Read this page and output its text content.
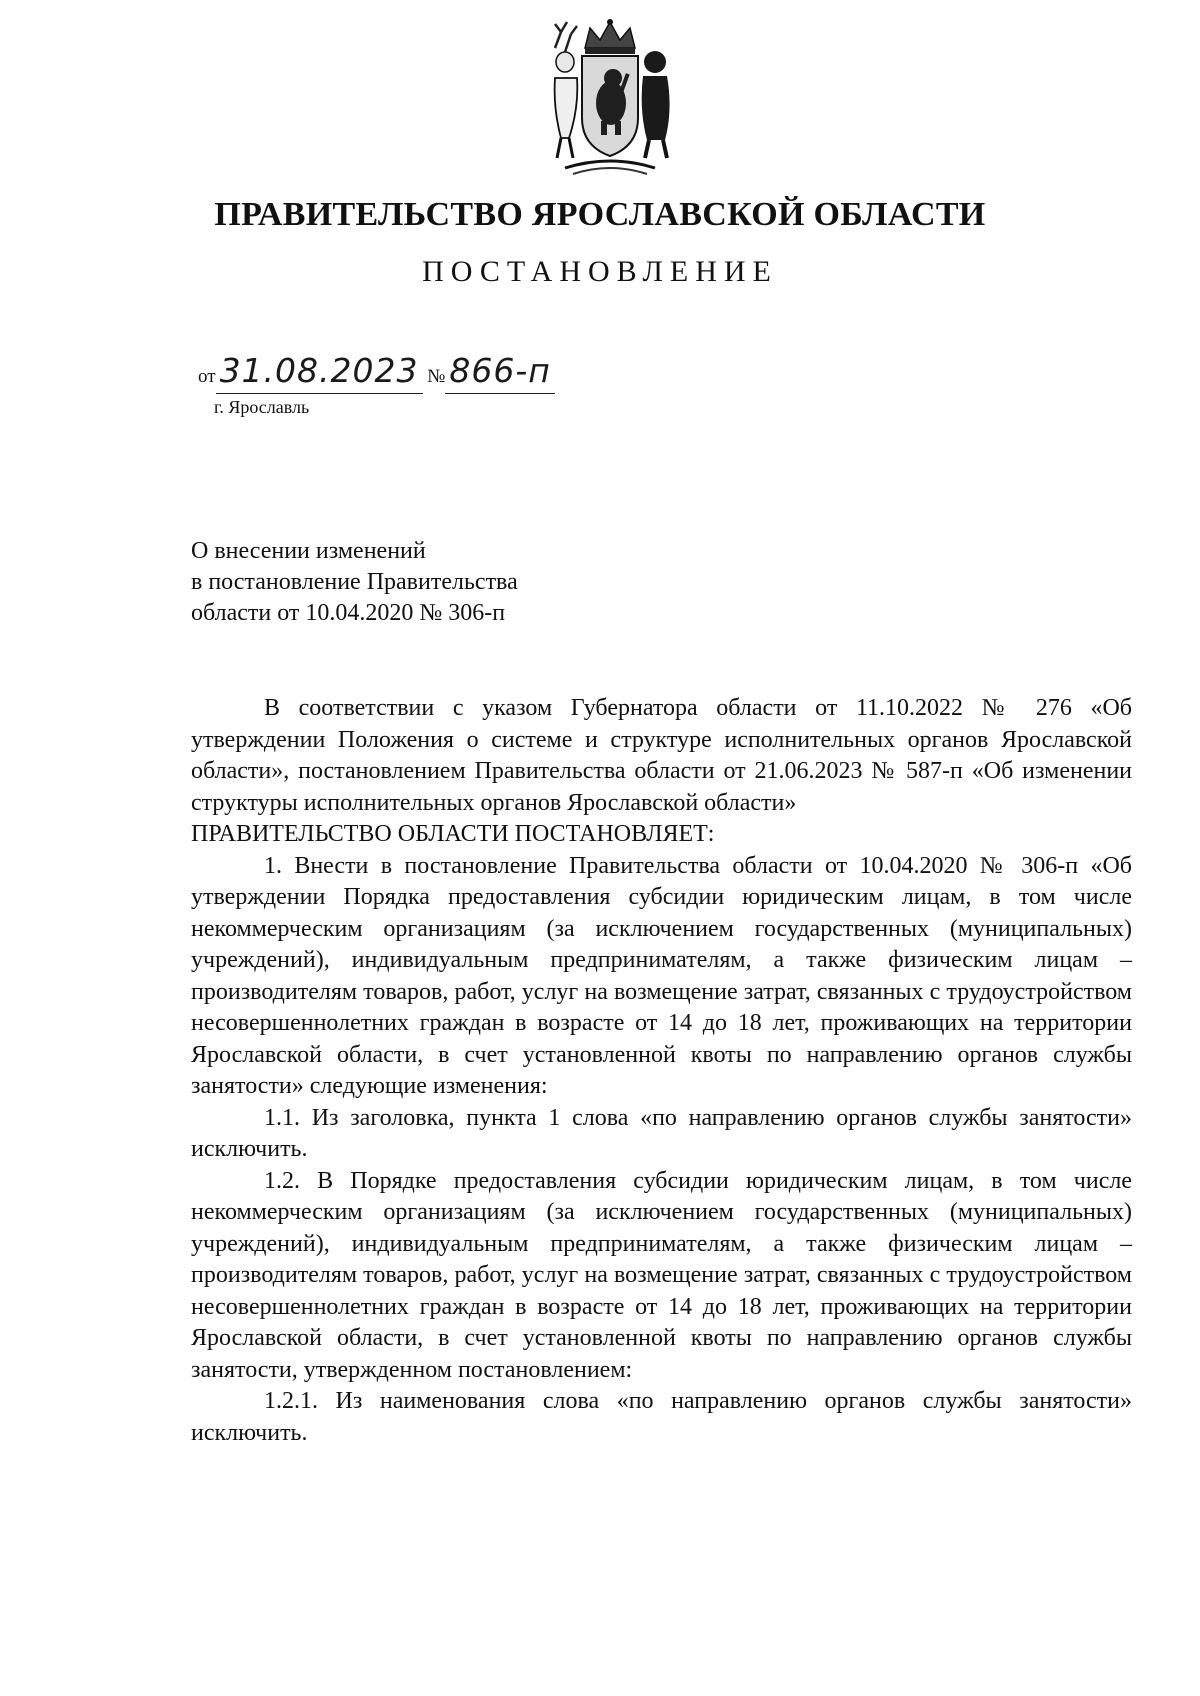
ПРАВИТЕЛЬСТВО ЯРОСЛАВСКОЙ ОБЛАСТИ
ПОСТАНОВЛЕНИЕ
от 31.08.2023 № 866-п
г. Ярославль
О внесении изменений
в постановление Правительства
области от 10.04.2020 № 306-п

В соответствии с указом Губернатора области от 11.10.2022 № 276 «Об утверждении Положения о системе и структуре исполнительных органов Ярославской области», постановлением Правительства области от 21.06.2023 № 587-п «Об изменении структуры исполнительных органов Ярославской области»

ПРАВИТЕЛЬСТВО ОБЛАСТИ ПОСТАНОВЛЯЕТ:

1. Внести в постановление Правительства области от 10.04.2020 № 306-п «Об утверждении Порядка предоставления субсидии юридическим лицам, в том числе некоммерческим организациям (за исключением государственных (муниципальных) учреждений), индивидуальным предпринимателям, а также физическим лицам – производителям товаров, работ, услуг на возмещение затрат, связанных с трудоустройством несовершеннолетних граждан в возрасте от 14 до 18 лет, проживающих на территории Ярославской области, в счет установленной квоты по направлению органов службы занятости» следующие изменения:

1.1. Из заголовка, пункта 1 слова «по направлению органов службы занятости» исключить.

1.2. В Порядке предоставления субсидии юридическим лицам, в том числе некоммерческим организациям (за исключением государственных (муниципальных) учреждений), индивидуальным предпринимателям, а также физическим лицам – производителям товаров, работ, услуг на возмещение затрат, связанных с трудоустройством несовершеннолетних граждан в возрасте от 14 до 18 лет, проживающих на территории Ярославской области, в счет установленной квоты по направлению органов службы занятости, утвержденном постановлением:

1.2.1. Из наименования слова «по направлению органов службы занятости» исключить.
